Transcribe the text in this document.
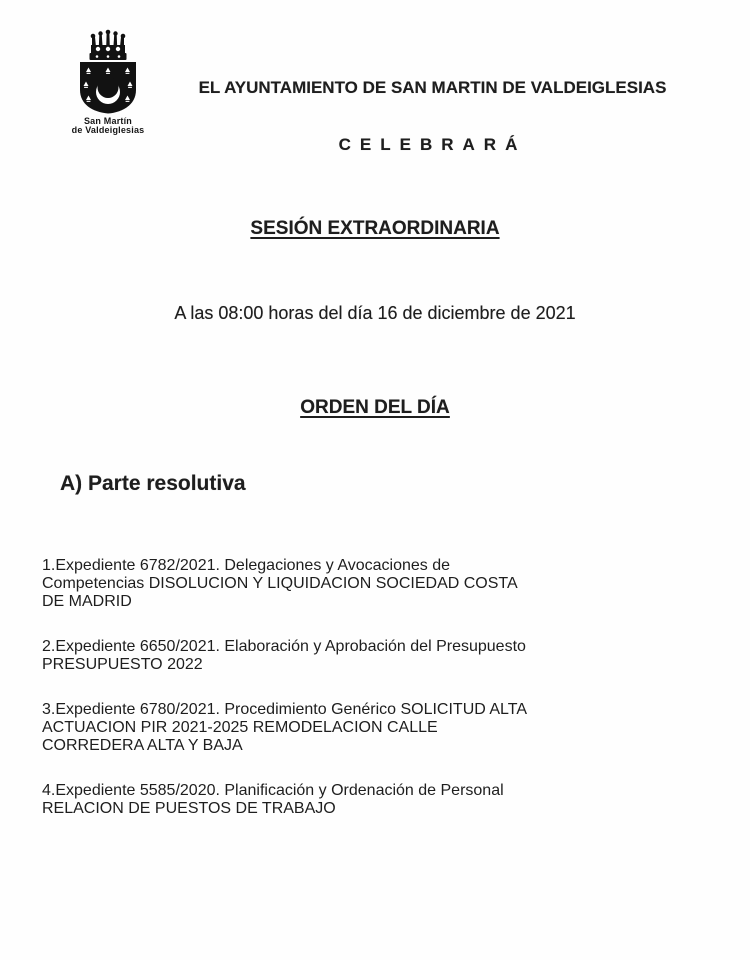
San Martín
de Valdeiglesias
EL AYUNTAMIENTO DE SAN MARTIN DE VALDEIGLESIAS
CELEBRARÁ
SESIÓN EXTRAORDINARIA
A las 08:00 horas del día 16 de diciembre de 2021
ORDEN DEL DÍA
A) Parte resolutiva

1.Expediente 6782/2021. Delegaciones y Avocaciones de
Competencias DISOLUCION Y LIQUIDACION SOCIEDAD COSTA
DE MADRID

2.Expediente 6650/2021. Elaboración y Aprobación del Presupuesto
PRESUPUESTO 2022

3.Expediente 6780/2021. Procedimiento Genérico SOLICITUD ALTA
ACTUACION PIR 2021-2025 REMODELACION CALLE
CORREDERA ALTA Y BAJA

4.Expediente 5585/2020. Planificación y Ordenación de Personal
RELACION DE PUESTOS DE TRABAJO
